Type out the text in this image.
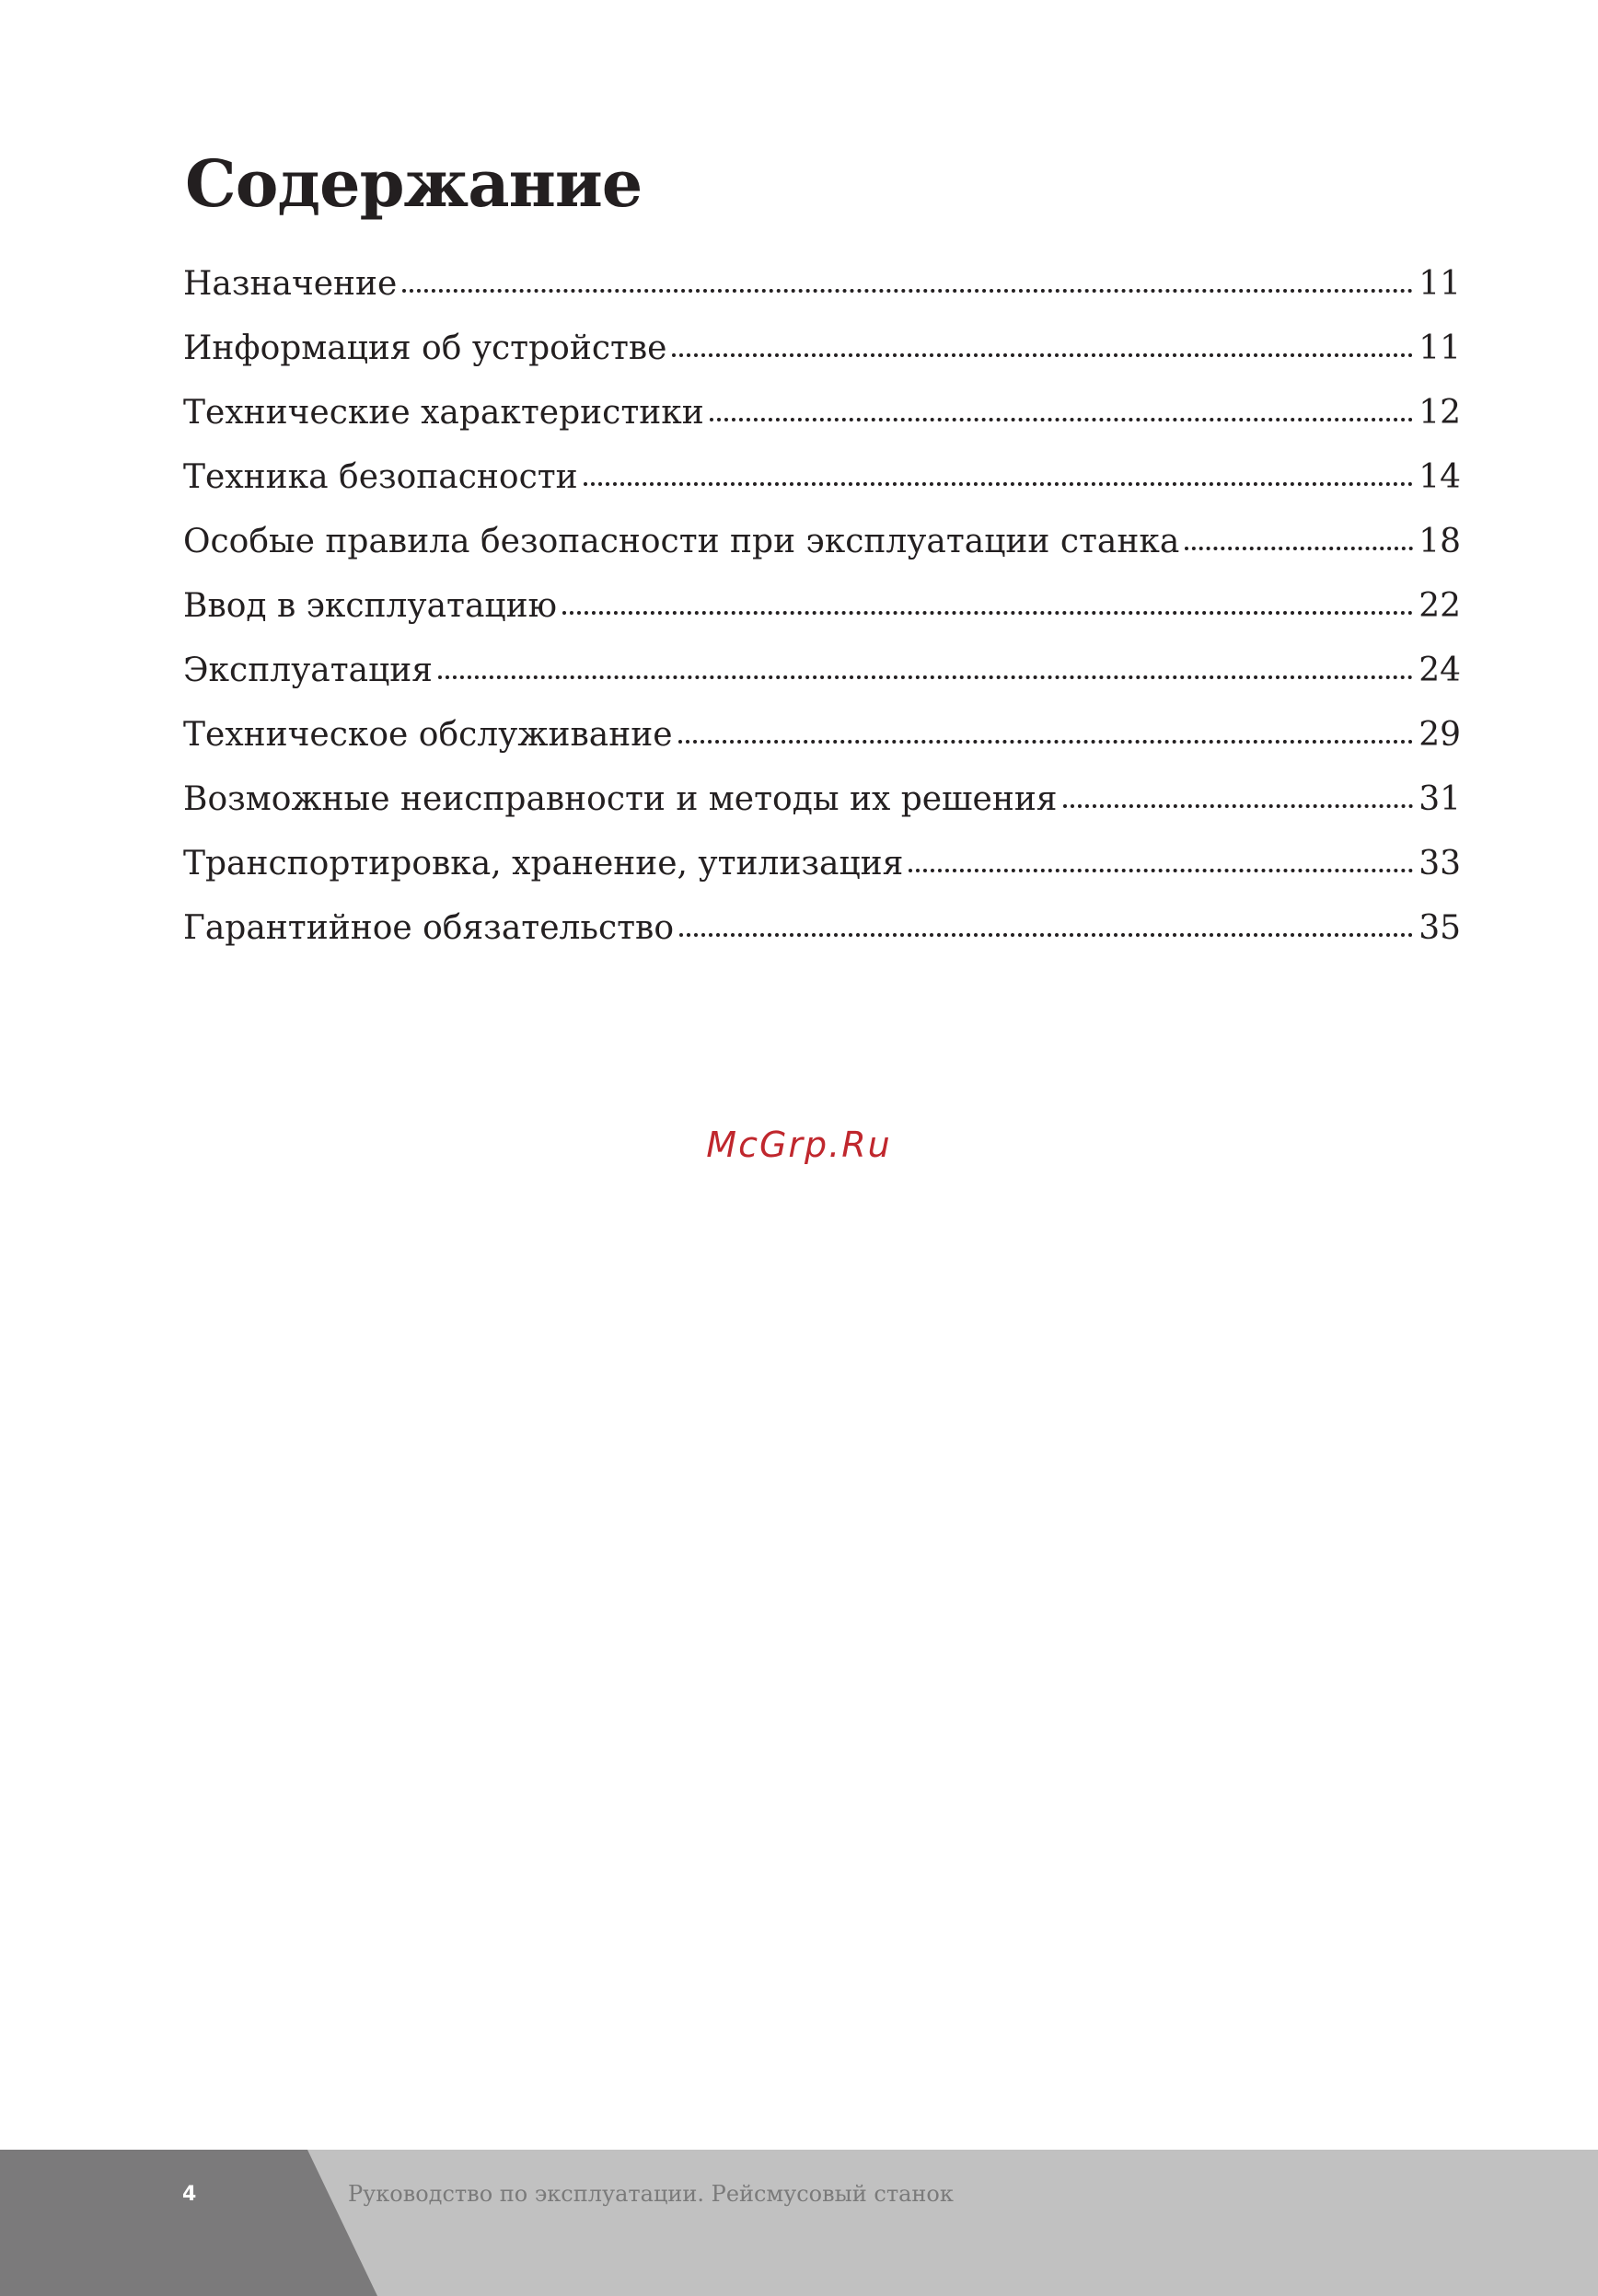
Содержание
Назначение	11
Информация об устройстве	11
Технические характеристики	12
Техника безопасности	14
Особые правила безопасности при эксплуатации станка	18
Ввод в эксплуатацию	22
Эксплуатация	24
Техническое обслуживание	29
Возможные неисправности и методы их решения	31
Транспортировка, хранение, утилизация	33
Гарантийное обязательство	35
McGrp.Ru
4	Руководство по эксплуатации. Рейсмусовый станок
